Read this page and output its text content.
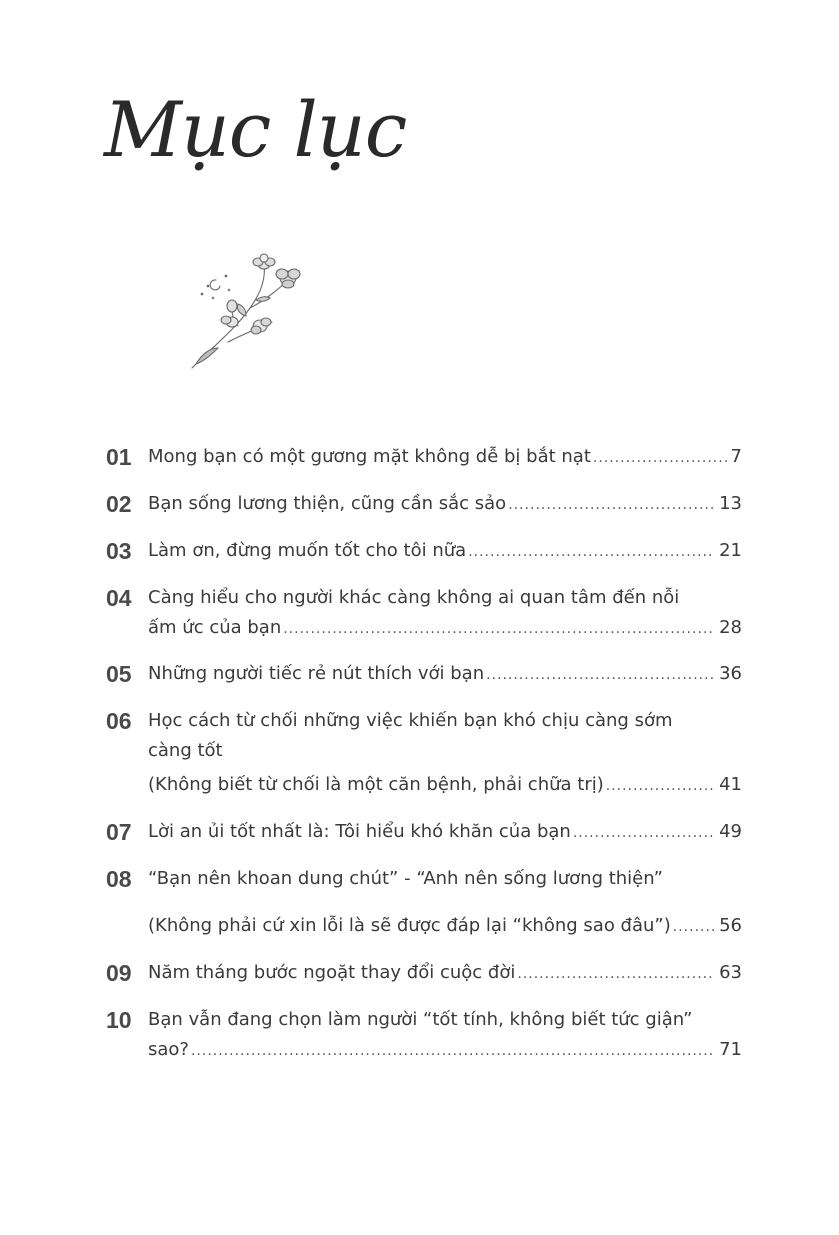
Mục lục
01 Mong bạn có một gương mặt không dễ bị bắt nạt .....	7
02 Bạn sống lương thiện, cũng cần sắc sảo .....	13
03 Làm ơn, đừng muốn tốt cho tôi nữa .....	21
04 Càng hiểu cho người khác càng không ai quan tâm đến nỗi
ấm ức của bạn .....	28
05 Những người tiếc rẻ nút thích với bạn .....	36
06 Học cách từ chối những việc khiến bạn khó chịu càng sớm
càng tốt
(Không biết từ chối là một căn bệnh, phải chữa trị) .....	41
07 Lời an ủi tốt nhất là: Tôi hiểu khó khăn của bạn .....	49
08 “Bạn nên khoan dung chút” - “Anh nên sống lương thiện”
(Không phải cứ xin lỗi là sẽ được đáp lại “không sao đâu”) .....	56
09 Năm tháng bước ngoặt thay đổi cuộc đời .....	63
10 Bạn vẫn đang chọn làm người “tốt tính, không biết tức giận”
sao? .....	71
